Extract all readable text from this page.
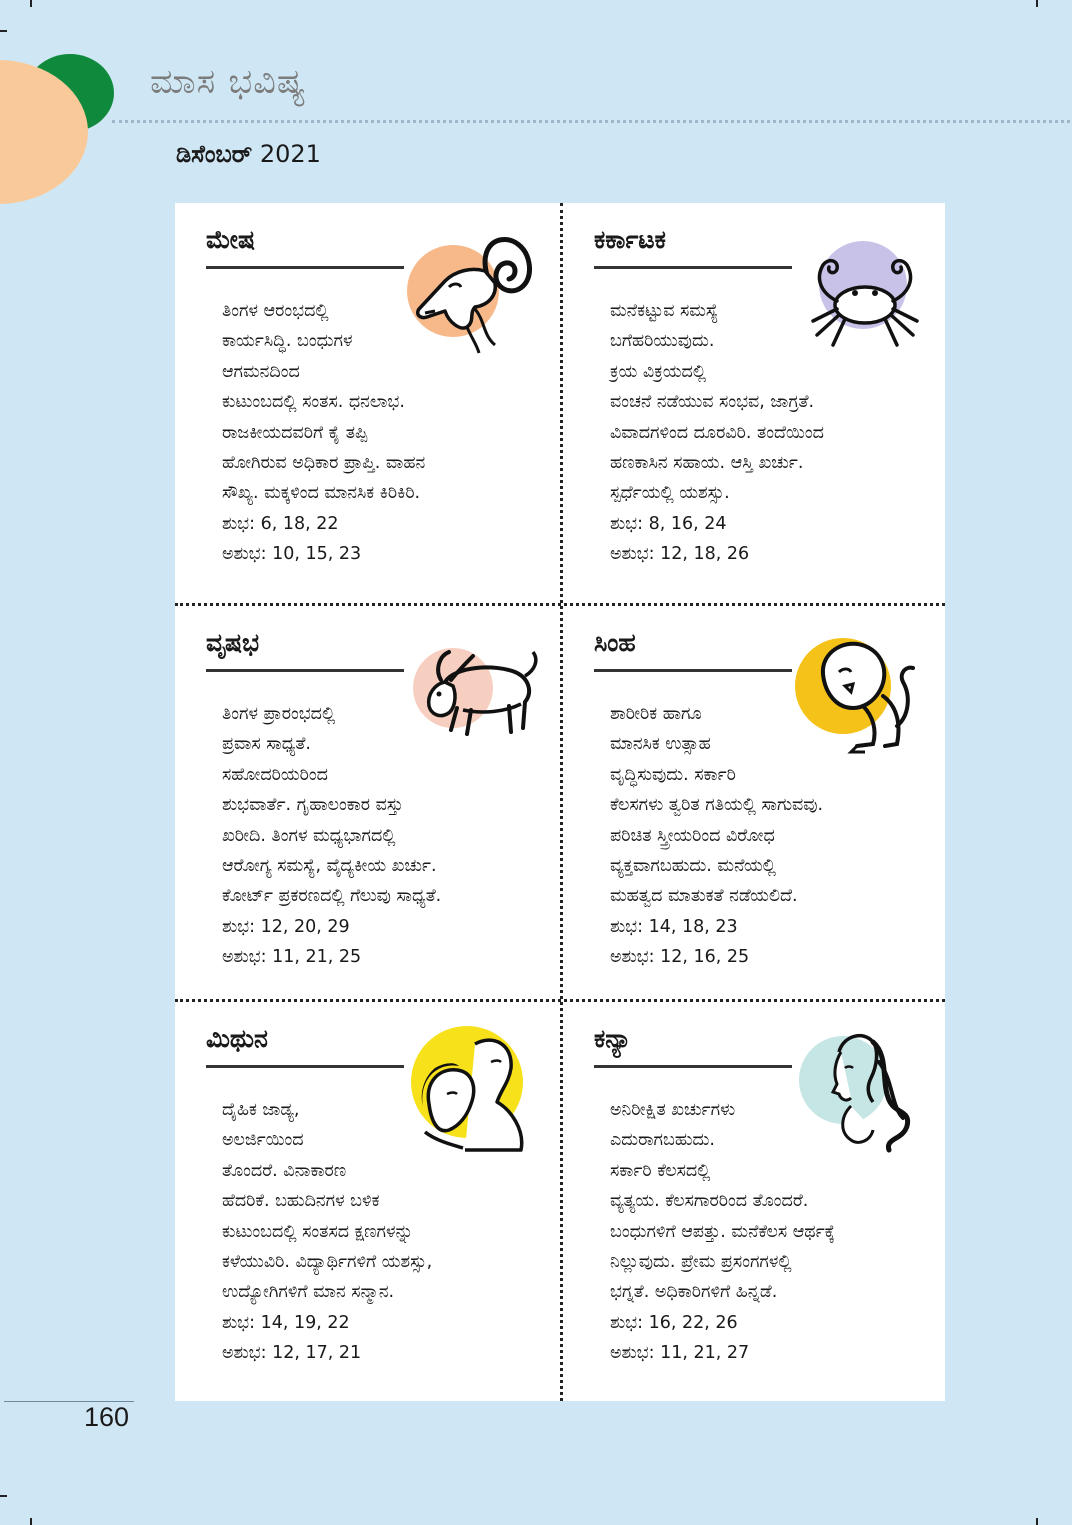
ಮಾಸ ಭವಿಷ್ಯ
ಡಿಸೆಂಬರ್ 2021
ಮೇಷ
ತಿಂಗಳ ಆರಂಭದಲ್ಲಿ
ಕಾರ್ಯಸಿದ್ಧಿ. ಬಂಧುಗಳ
ಆಗಮನದಿಂದ
ಕುಟುಂಬದಲ್ಲಿ ಸಂತಸ. ಧನಲಾಭ.
ರಾಜಕೀಯದವರಿಗೆ ಕೈ ತಪ್ಪಿ
ಹೋಗಿರುವ ಅಧಿಕಾರ ಪ್ರಾಪ್ತಿ. ವಾಹನ
ಸೌಖ್ಯ. ಮಕ್ಕಳಿಂದ ಮಾನಸಿಕ ಕಿರಿಕಿರಿ.
ಶುಭ: 6, 18, 22
ಅಶುಭ: 10, 15, 23
ಕರ್ಕಾಟಕ
ಮನೆಕಟ್ಟುವ ಸಮಸ್ಯೆ
ಬಗೆಹರಿಯುವುದು.
ಕ್ರಯ ವಿಕ್ರಯದಲ್ಲಿ
ವಂಚನೆ ನಡೆಯುವ ಸಂಭವ, ಜಾಗ್ರತೆ.
ವಿವಾದಗಳಿಂದ ದೂರವಿರಿ. ತಂದೆಯಿಂದ
ಹಣಕಾಸಿನ ಸಹಾಯ. ಆಸ್ತಿ ಖರ್ಚು.
ಸ್ಪರ್ಧೆಯಲ್ಲಿ ಯಶಸ್ಸು.
ಶುಭ: 8, 16, 24
ಅಶುಭ: 12, 18, 26
ವೃಷಭ
ತಿಂಗಳ ಪ್ರಾರಂಭದಲ್ಲಿ
ಪ್ರವಾಸ ಸಾಧ್ಯತೆ.
ಸಹೋದರಿಯರಿಂದ
ಶುಭವಾರ್ತೆ. ಗೃಹಾಲಂಕಾರ ವಸ್ತು
ಖರೀದಿ. ತಿಂಗಳ ಮಧ್ಯಭಾಗದಲ್ಲಿ
ಆರೋಗ್ಯ ಸಮಸ್ಯೆ, ವೈದ್ಯಕೀಯ ಖರ್ಚು.
ಕೋರ್ಟ್ ಪ್ರಕರಣದಲ್ಲಿ ಗೆಲುವು ಸಾಧ್ಯತೆ.
ಶುಭ: 12, 20, 29
ಅಶುಭ: 11, 21, 25
ಸಿಂಹ
ಶಾರೀರಿಕ ಹಾಗೂ
ಮಾನಸಿಕ ಉತ್ಸಾಹ
ವೃದ್ಧಿಸುವುದು. ಸರ್ಕಾರಿ
ಕೆಲಸಗಳು ತ್ವರಿತ ಗತಿಯಲ್ಲಿ ಸಾಗುವವು.
ಪರಿಚಿತ ಸ್ತ್ರೀಯರಿಂದ ವಿರೋಧ
ವ್ಯಕ್ತವಾಗಬಹುದು. ಮನೆಯಲ್ಲಿ
ಮಹತ್ವದ ಮಾತುಕತೆ ನಡೆಯಲಿದೆ.
ಶುಭ: 14, 18, 23
ಅಶುಭ: 12, 16, 25
ಮಿಥುನ
ದೈಹಿಕ ಜಾಡ್ಯ,
ಅಲರ್ಜಿಯಿಂದ
ತೊಂದರೆ. ವಿನಾಕಾರಣ
ಹೆದರಿಕೆ. ಬಹುದಿನಗಳ ಬಳಿಕ
ಕುಟುಂಬದಲ್ಲಿ ಸಂತಸದ ಕ್ಷಣಗಳನ್ನು
ಕಳೆಯುವಿರಿ. ವಿದ್ಯಾರ್ಥಿಗಳಿಗೆ ಯಶಸ್ಸು,
ಉದ್ಯೋಗಿಗಳಿಗೆ ಮಾನ ಸನ್ಮಾನ.
ಶುಭ: 14, 19, 22
ಅಶುಭ: 12, 17, 21
ಕನ್ಯಾ
ಅನಿರೀಕ್ಷಿತ ಖರ್ಚುಗಳು
ಎದುರಾಗಬಹುದು.
ಸರ್ಕಾರಿ ಕೆಲಸದಲ್ಲಿ
ವ್ಯತ್ಯಯ. ಕೆಲಸಗಾರರಿಂದ ತೊಂದರೆ.
ಬಂಧುಗಳಿಗೆ ಆಪತ್ತು. ಮನೆಕೆಲಸ ಆರ್ಥಕ್ಕೆ
ನಿಲ್ಲುವುದು. ಪ್ರೇಮ ಪ್ರಸಂಗಗಳಲ್ಲಿ
ಭಗ್ನತೆ. ಅಧಿಕಾರಿಗಳಿಗೆ ಹಿನ್ನಡೆ.
ಶುಭ: 16, 22, 26
ಅಶುಭ: 11, 21, 27
160
